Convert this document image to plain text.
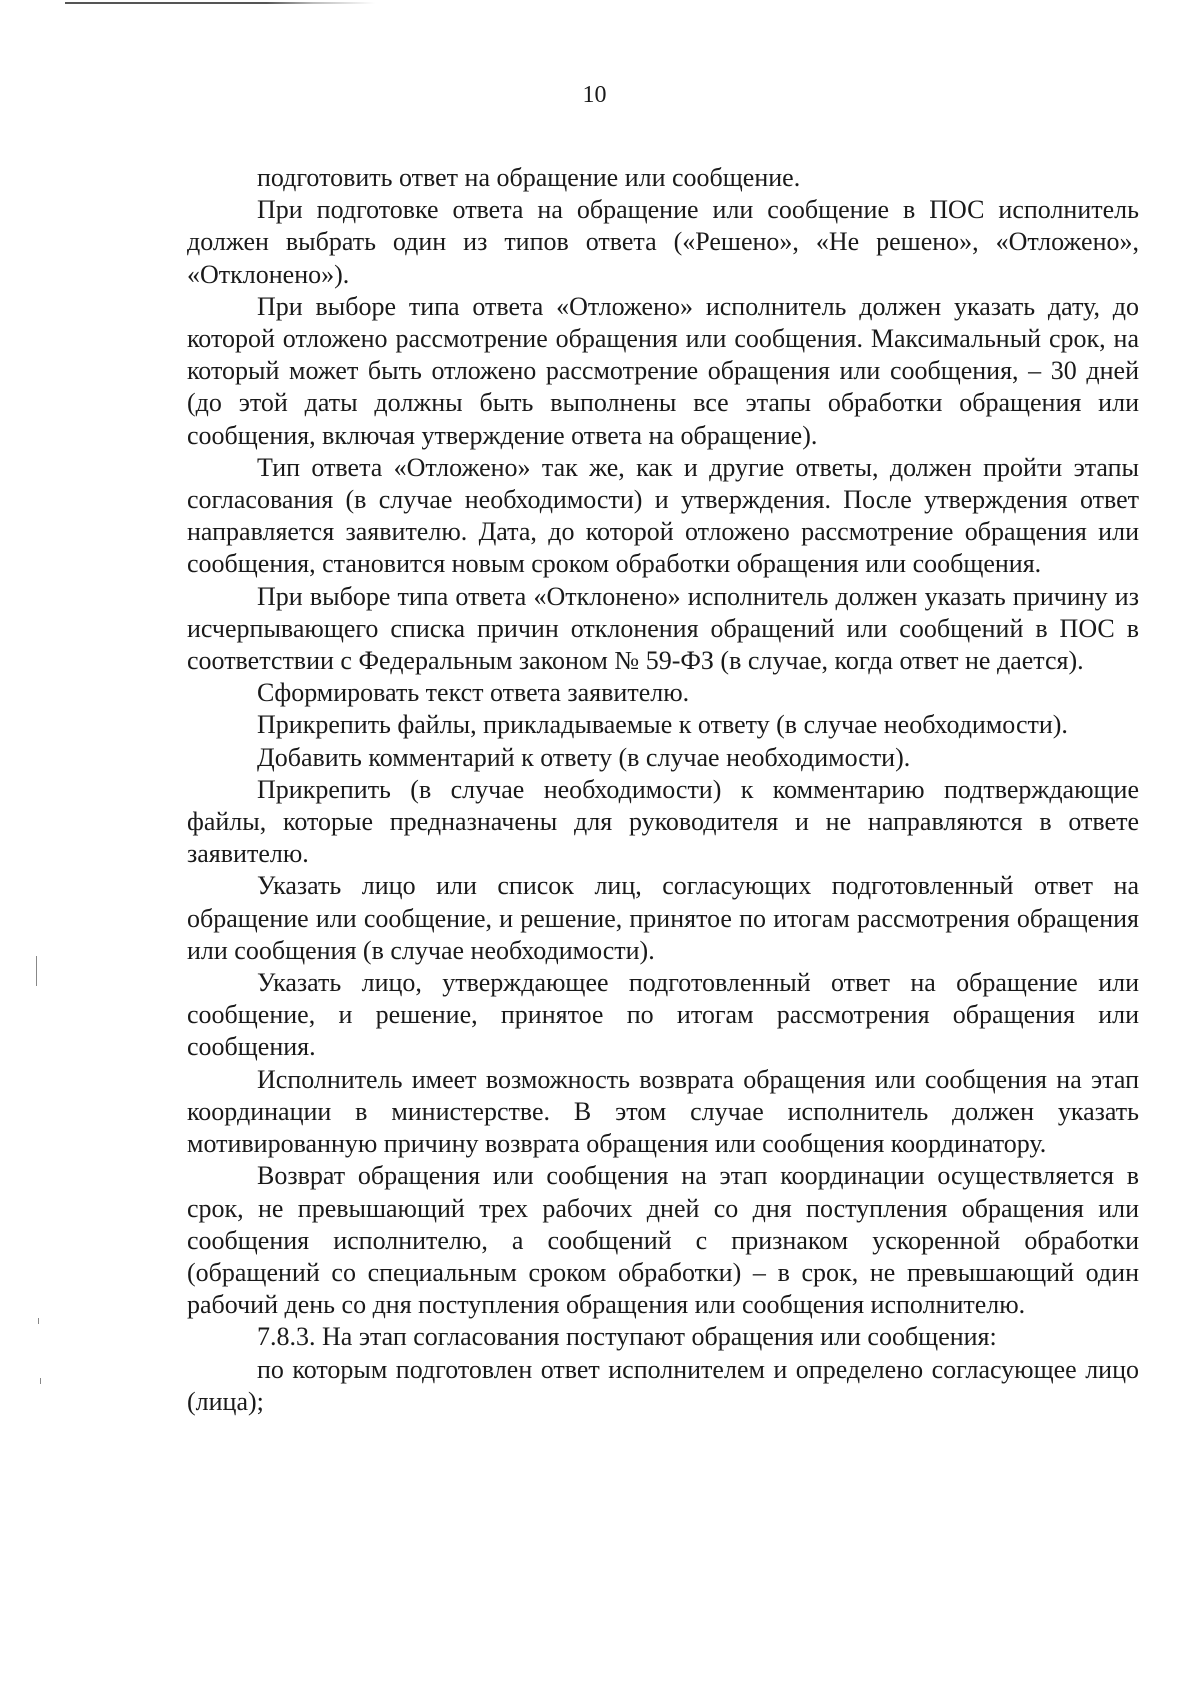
10

подготовить ответ на обращение или сообщение.

При подготовке ответа на обращение или сообщение в ПОС исполнитель должен выбрать один из типов ответа («Решено», «Не решено», «Отложено», «Отклонено»).

При выборе типа ответа «Отложено» исполнитель должен указать дату, до которой отложено рассмотрение обращения или сообщения. Максимальный срок, на который может быть отложено рассмотрение обращения или сообщения, – 30 дней (до этой даты должны быть выполнены все этапы обработки обращения или сообщения, включая утверждение ответа на обращение).

Тип ответа «Отложено» так же, как и другие ответы, должен пройти этапы согласования (в случае необходимости) и утверждения. После утверждения ответ направляется заявителю. Дата, до которой отложено рассмотрение обращения или сообщения, становится новым сроком обработки обращения или сообщения.

При выборе типа ответа «Отклонено» исполнитель должен указать причину из исчерпывающего списка причин отклонения обращений или сообщений в ПОС в соответствии с Федеральным законом № 59-ФЗ (в случае, когда ответ не дается).

Сформировать текст ответа заявителю.

Прикрепить файлы, прикладываемые к ответу (в случае необходимости).

Добавить комментарий к ответу (в случае необходимости).

Прикрепить (в случае необходимости) к комментарию подтверждающие файлы, которые предназначены для руководителя и не направляются в ответе заявителю.

Указать лицо или список лиц, согласующих подготовленный ответ на обращение или сообщение, и решение, принятое по итогам рассмотрения обращения или сообщения (в случае необходимости).

Указать лицо, утверждающее подготовленный ответ на обращение или сообщение, и решение, принятое по итогам рассмотрения обращения или сообщения.

Исполнитель имеет возможность возврата обращения или сообщения на этап координации в министерстве. В этом случае исполнитель должен указать мотивированную причину возврата обращения или сообщения координатору.

Возврат обращения или сообщения на этап координации осуществляется в срок, не превышающий трех рабочих дней со дня поступления обращения или сообщения исполнителю, а сообщений с признаком ускоренной обработки (обращений со специальным сроком обработки) – в срок, не превышающий один рабочий день со дня поступления обращения или сообщения исполнителю.

7.8.3. На этап согласования поступают обращения или сообщения:

по которым подготовлен ответ исполнителем и определено согласующее лицо (лица);
